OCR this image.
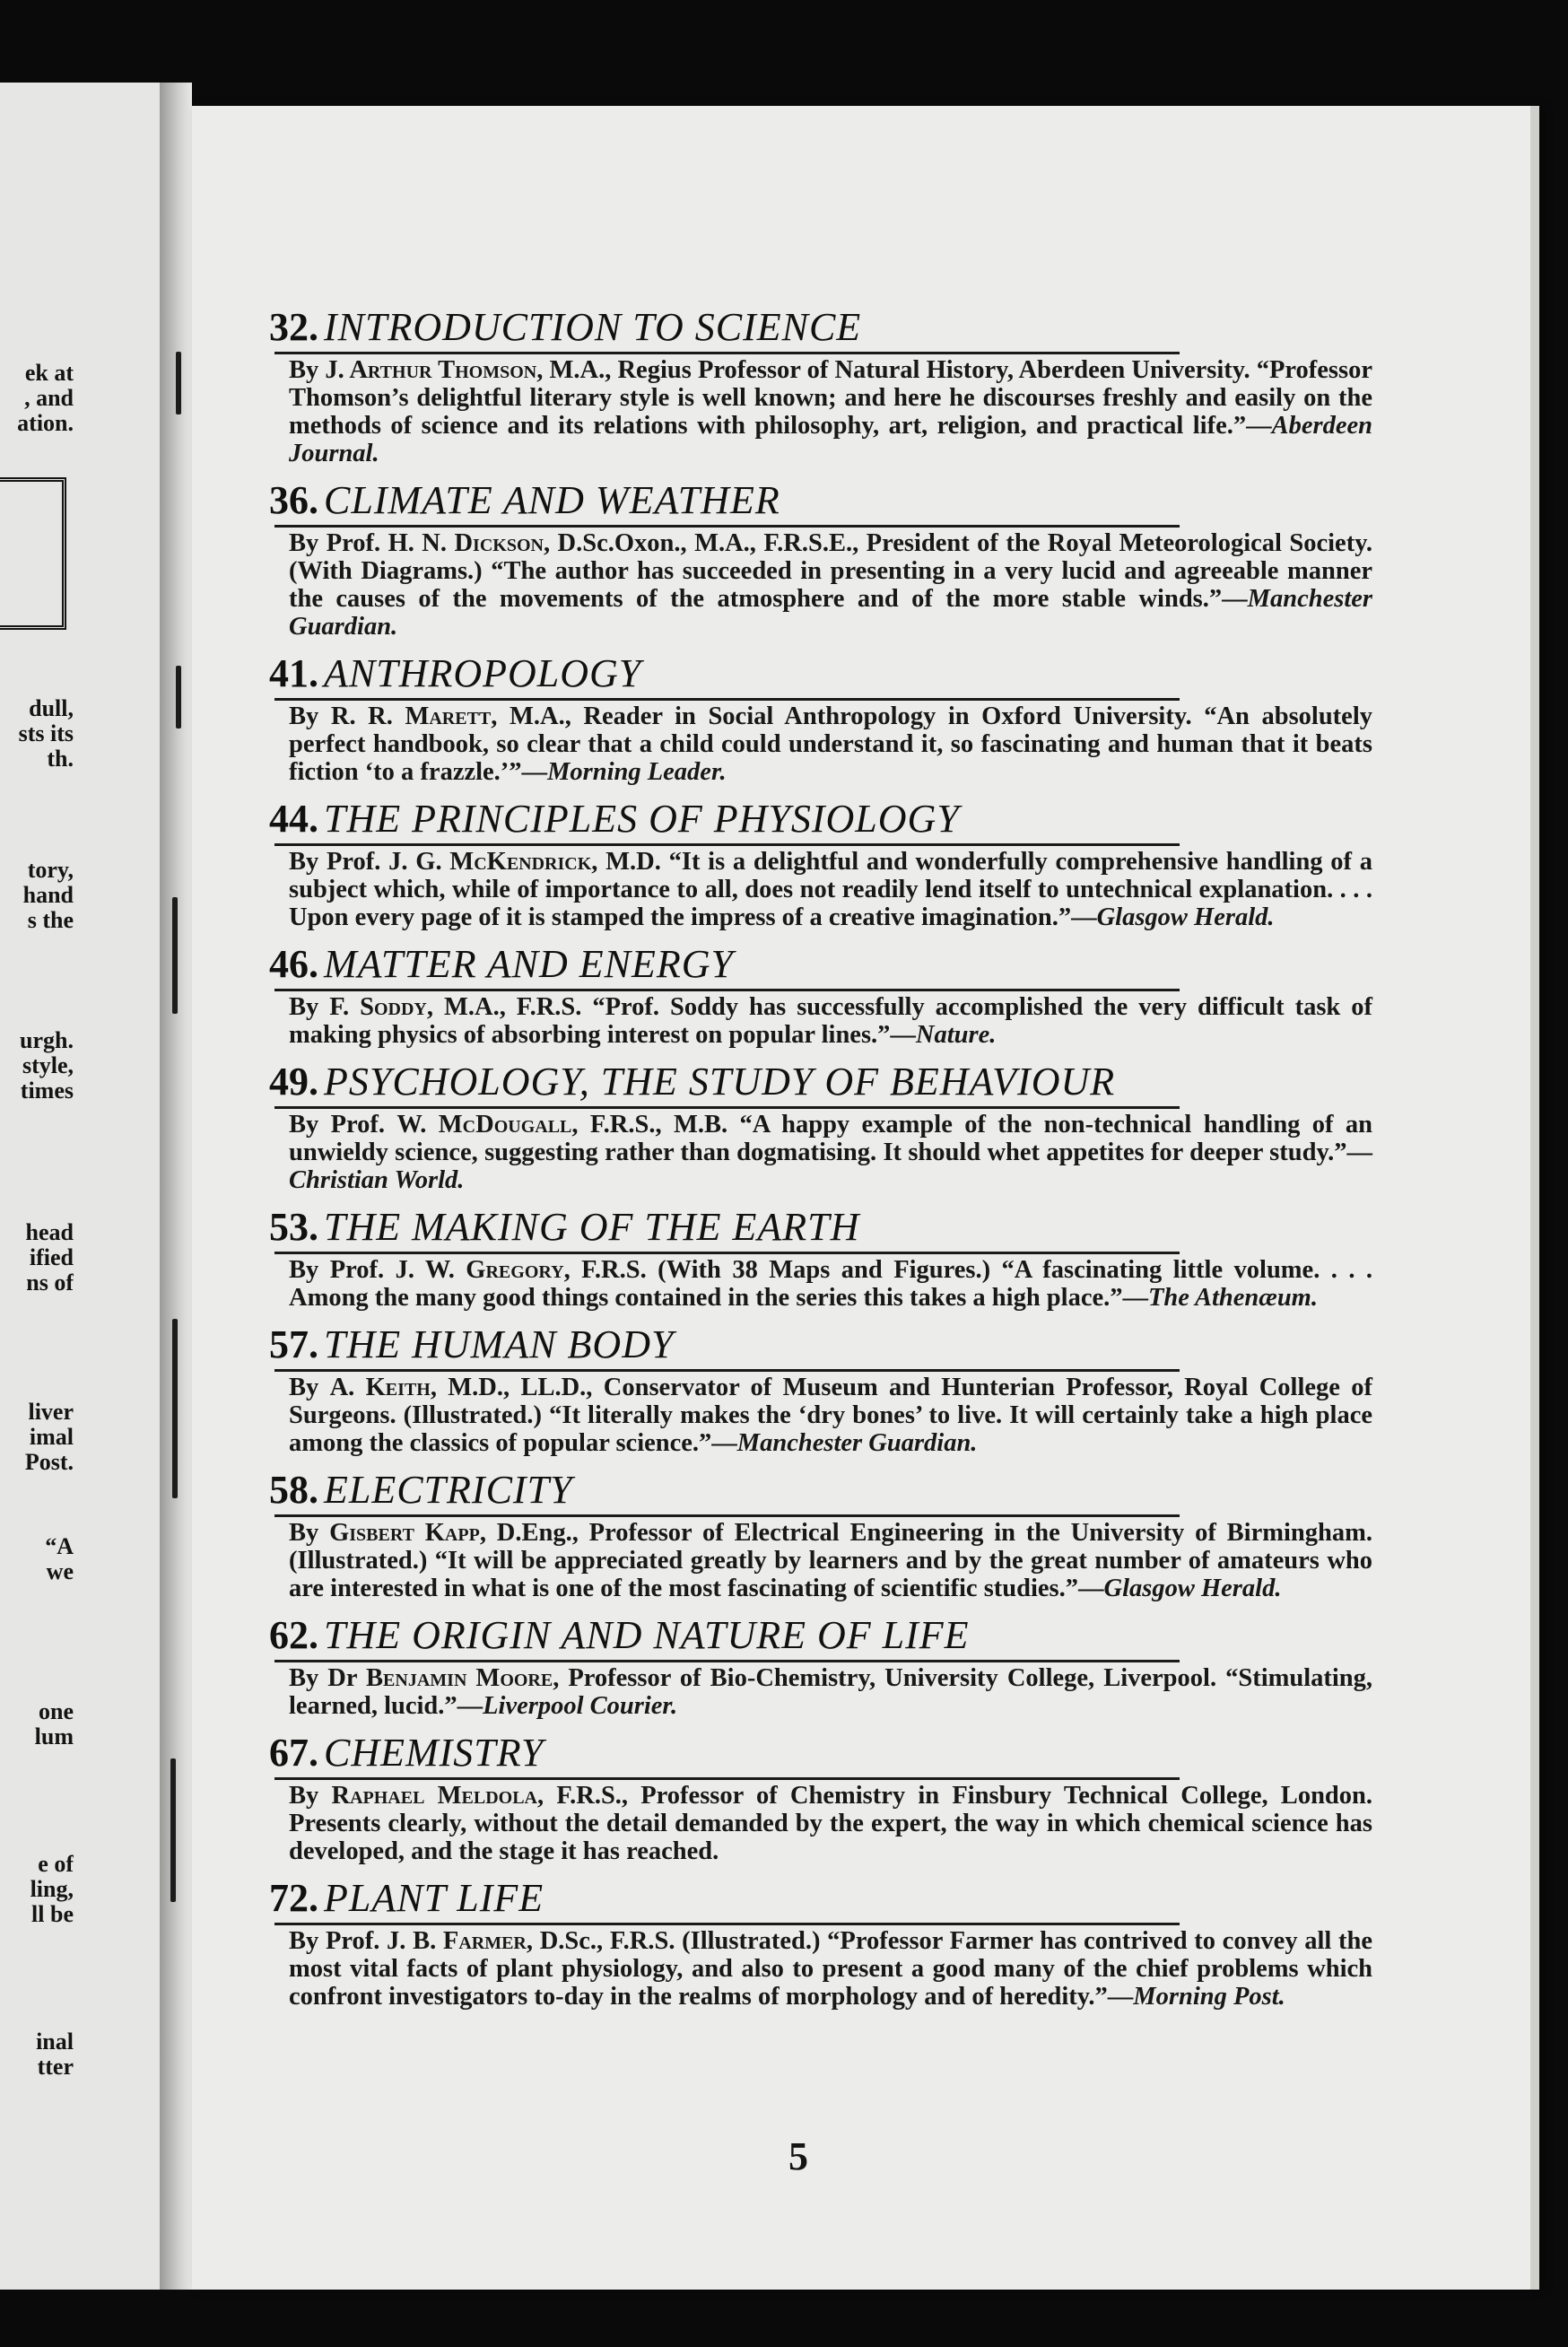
ek at
, and
ation.
dull,
sts its
th.
tory,
hand
s the
urgh.
style,
times
head
ified
ns of
liver
imal
Post.
“A
we
one
lum
e of
ling,
ll be
inal
tter
32. INTRODUCTION TO SCIENCE
By J. Arthur Thomson, M.A., Regius Professor of Natural History, Aberdeen University. “Professor Thomson’s delightful literary style is well known; and here he discourses freshly and easily on the methods of science and its relations with philosophy, art, religion, and practical life.”—Aberdeen Journal.
36. CLIMATE AND WEATHER
By Prof. H. N. Dickson, D.Sc.Oxon., M.A., F.R.S.E., President of the Royal Meteorological Society. (With Diagrams.) “The author has succeeded in presenting in a very lucid and agreeable manner the causes of the movements of the atmosphere and of the more stable winds.”—Manchester Guardian.
41. ANTHROPOLOGY
By R. R. Marett, M.A., Reader in Social Anthropology in Oxford University. “An absolutely perfect handbook, so clear that a child could understand it, so fascinating and human that it beats fiction ‘to a frazzle.’”—Morning Leader.
44. THE PRINCIPLES OF PHYSIOLOGY
By Prof. J. G. McKendrick, M.D. “It is a delightful and wonderfully comprehensive handling of a subject which, while of importance to all, does not readily lend itself to untechnical explanation. . . . Upon every page of it is stamped the impress of a creative imagination.”—Glasgow Herald.
46. MATTER AND ENERGY
By F. Soddy, M.A., F.R.S. “Prof. Soddy has successfully accomplished the very difficult task of making physics of absorbing interest on popular lines.”—Nature.
49. PSYCHOLOGY, THE STUDY OF BEHAVIOUR
By Prof. W. McDougall, F.R.S., M.B. “A happy example of the non-technical handling of an unwieldy science, suggesting rather than dogmatising. It should whet appetites for deeper study.”—Christian World.
53. THE MAKING OF THE EARTH
By Prof. J. W. Gregory, F.R.S. (With 38 Maps and Figures.) “A fascinating little volume. . . . Among the many good things contained in the series this takes a high place.”—The Athenæum.
57. THE HUMAN BODY
By A. Keith, M.D., LL.D., Conservator of Museum and Hunterian Professor, Royal College of Surgeons. (Illustrated.) “It literally makes the ‘dry bones’ to live. It will certainly take a high place among the classics of popular science.”—Manchester Guardian.
58. ELECTRICITY
By Gisbert Kapp, D.Eng., Professor of Electrical Engineering in the University of Birmingham. (Illustrated.) “It will be appreciated greatly by learners and by the great number of amateurs who are interested in what is one of the most fascinating of scientific studies.”—Glasgow Herald.
62. THE ORIGIN AND NATURE OF LIFE
By Dr Benjamin Moore, Professor of Bio-Chemistry, University College, Liverpool. “Stimulating, learned, lucid.”—Liverpool Courier.
67. CHEMISTRY
By Raphael Meldola, F.R.S., Professor of Chemistry in Finsbury Technical College, London. Presents clearly, without the detail demanded by the expert, the way in which chemical science has developed, and the stage it has reached.
72. PLANT LIFE
By Prof. J. B. Farmer, D.Sc., F.R.S. (Illustrated.) “Professor Farmer has contrived to convey all the most vital facts of plant physiology, and also to present a good many of the chief problems which confront investigators to-day in the realms of morphology and of heredity.”—Morning Post.
5
